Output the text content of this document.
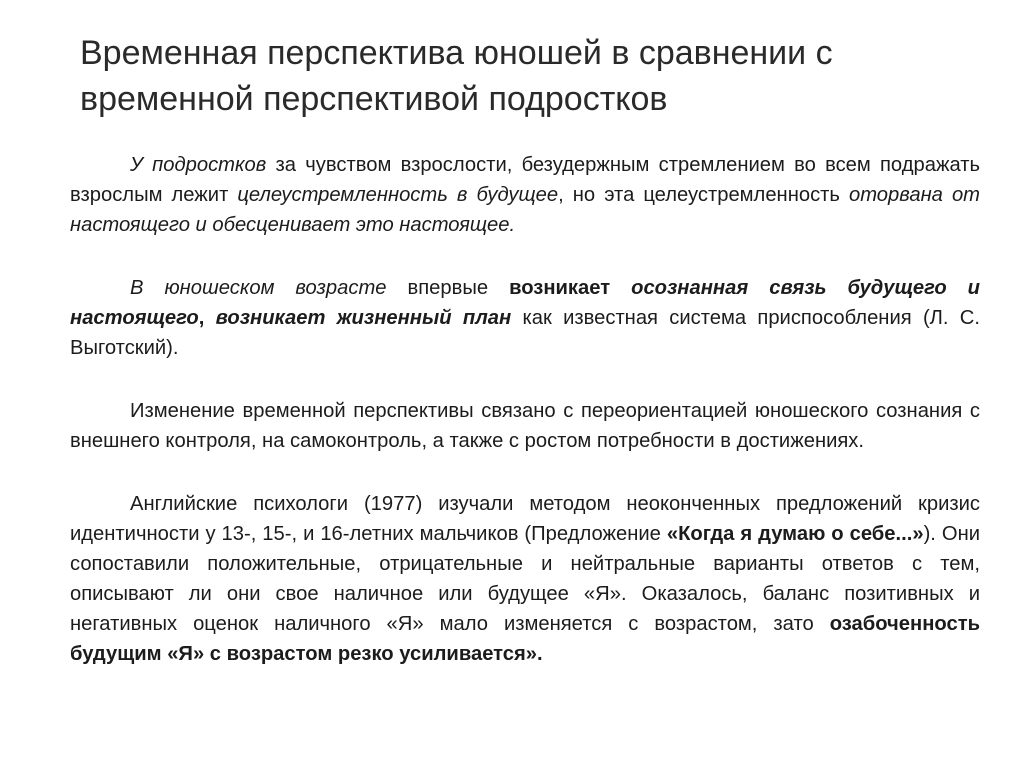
Временная перспектива юношей в сравнении с временной перспективой подростков

У подростков за чувством взрослости, безудержным стремлением во всем подражать взрослым лежит целеустремленность в будущее, но эта целеустремленность оторвана от настоящего и обесценивает это настоящее.

В юношеском возрасте впервые возникает осознанная связь будущего и настоящего, возникает жизненный план как известная система приспособления (Л. С. Выготский).

Изменение временной перспективы связано с переориентацией юношеского сознания с внешнего контроля, на самоконтроль, а также с ростом потребности в достижениях.

Английские психологи (1977) изучали методом неоконченных предложений кризис идентичности у 13-, 15-, и 16-летних мальчиков (Предложение «Когда я думаю о себе...»). Они сопоставили положительные, отрицательные и нейтральные варианты ответов с тем, описывают ли они свое наличное или будущее «Я». Оказалось, баланс позитивных и негативных оценок наличного «Я» мало изменяется с возрастом, зато озабоченность будущим «Я» с возрастом резко усиливается».
